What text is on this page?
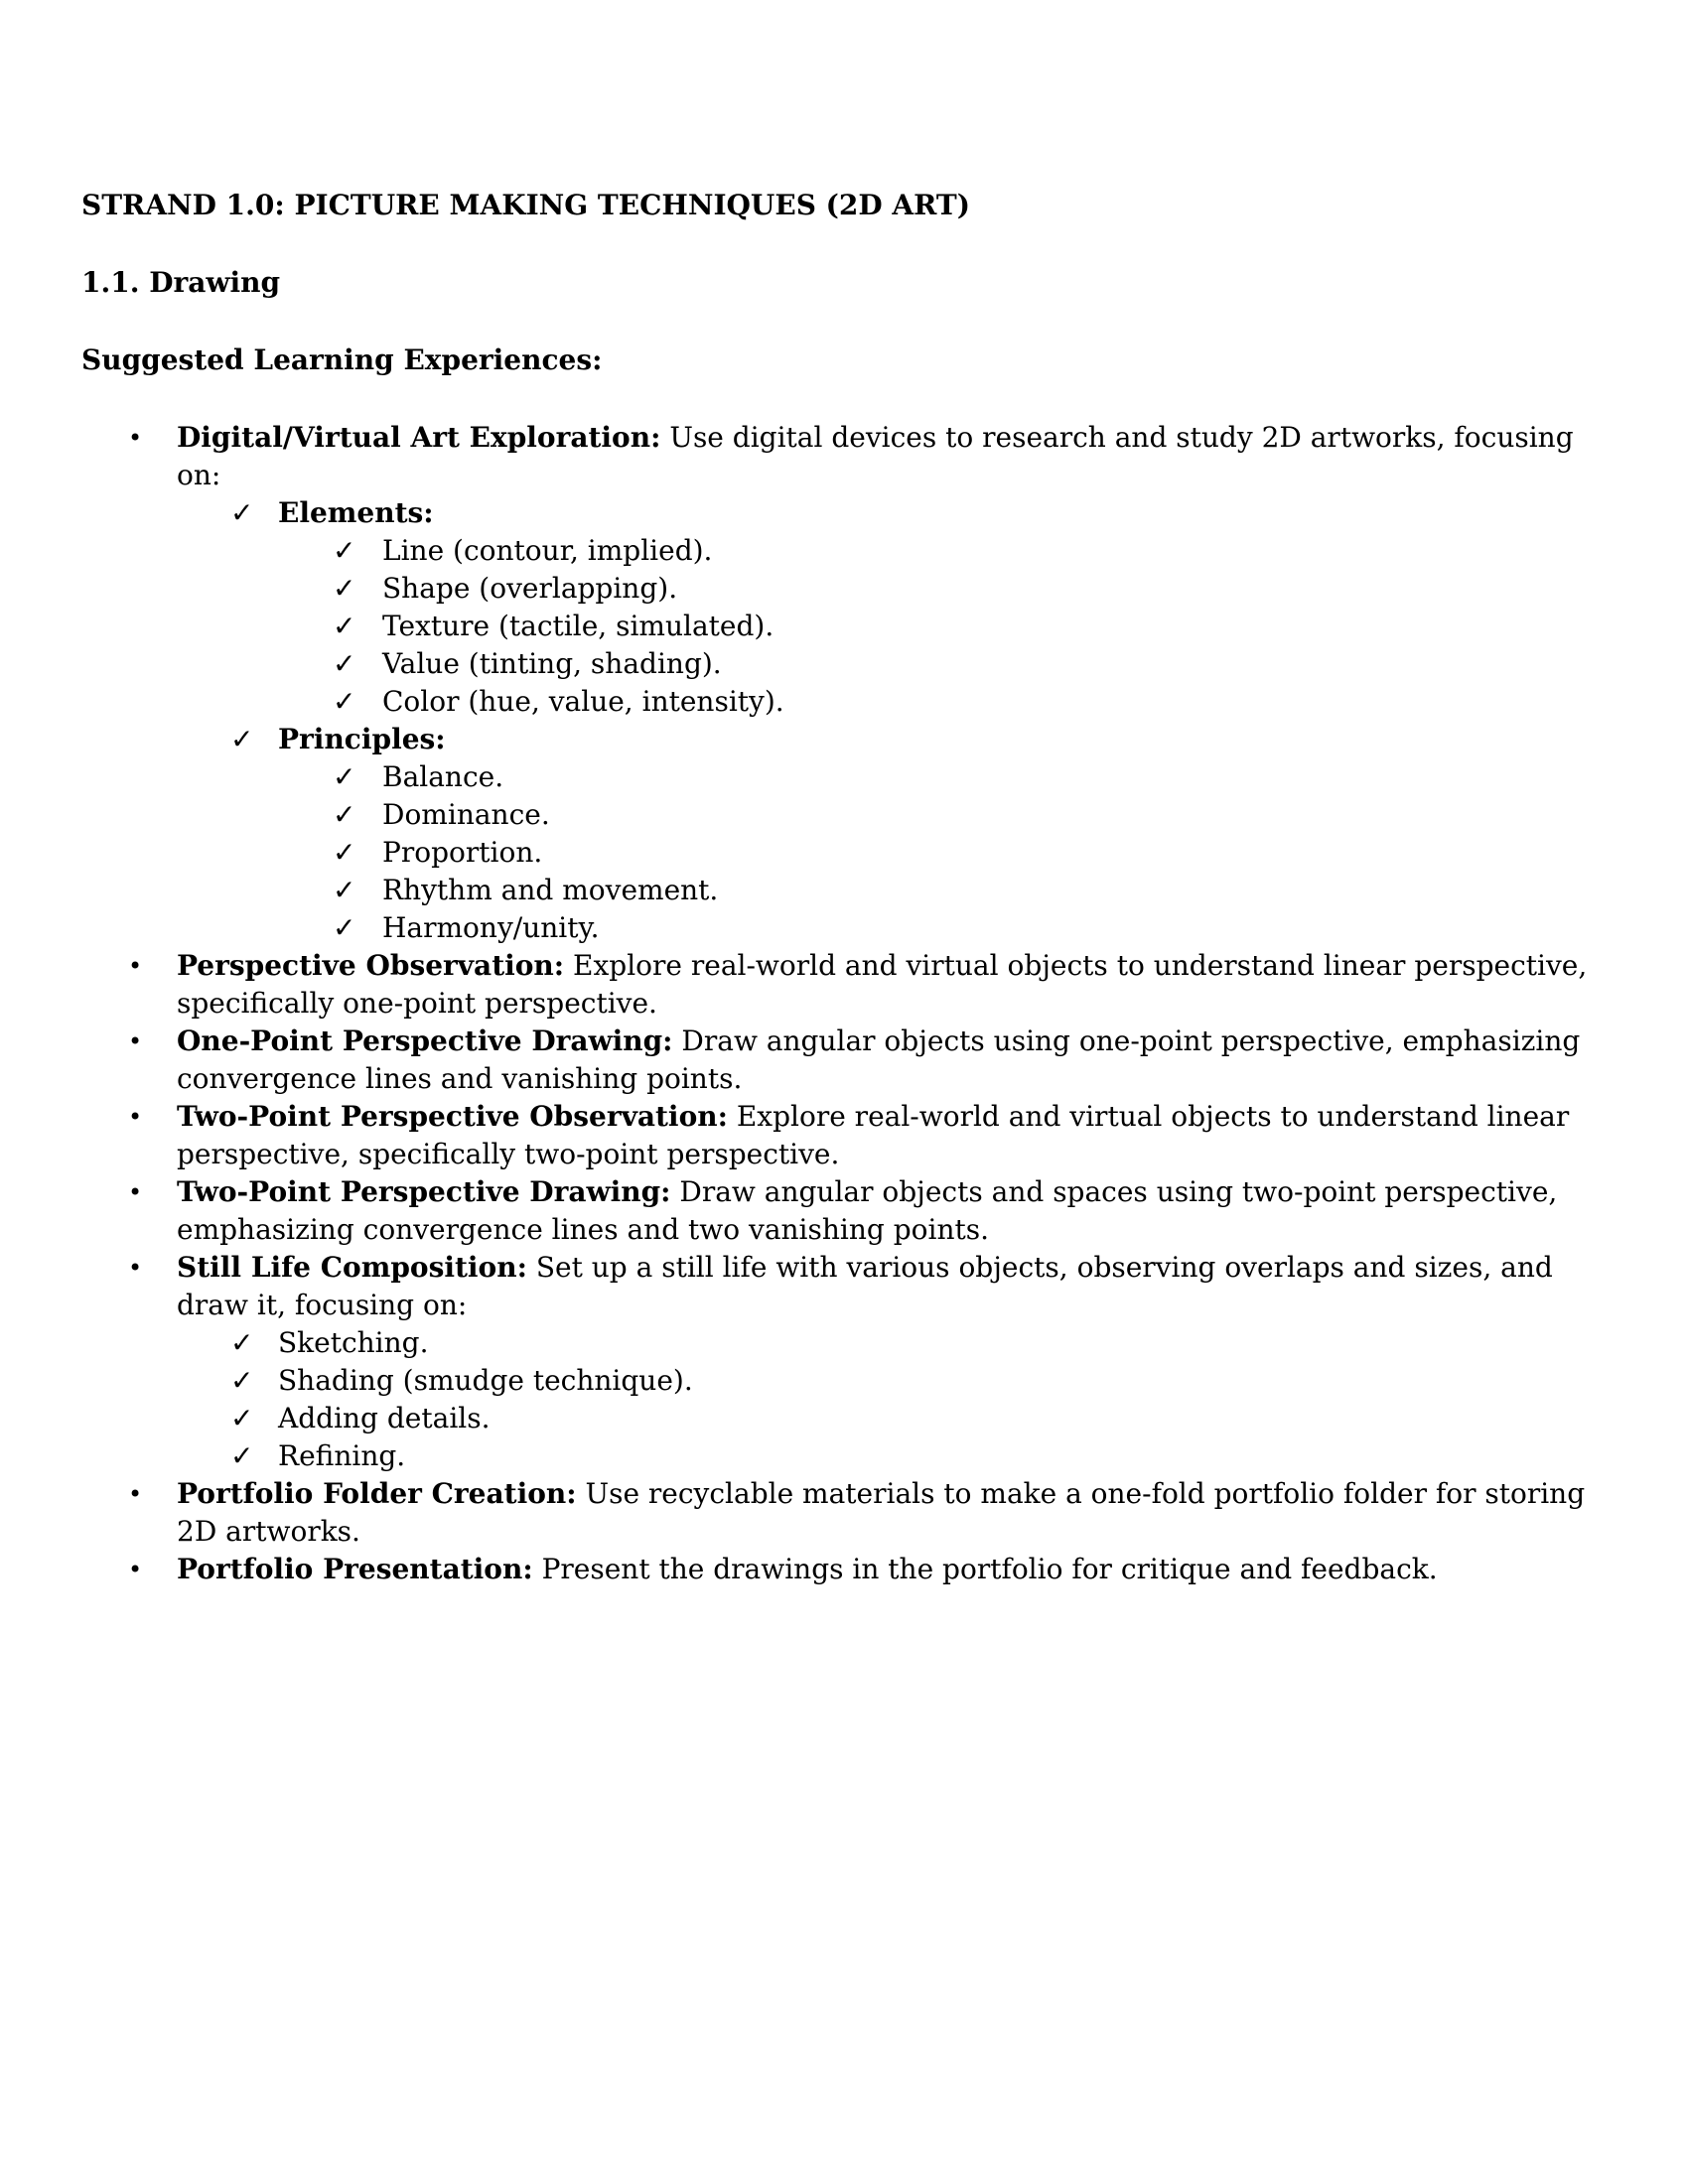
STRAND 1.0: PICTURE MAKING TECHNIQUES (2D ART)
1.1. Drawing
Suggested Learning Experiences:
•	Digital/Virtual Art Exploration: Use digital devices to research and study 2D artworks, focusing on:
✓ Elements:
✓ Line (contour, implied).
✓ Shape (overlapping).
✓ Texture (tactile, simulated).
✓ Value (tinting, shading).
✓ Color (hue, value, intensity).
✓ Principles:
✓ Balance.
✓ Dominance.
✓ Proportion.
✓ Rhythm and movement.
✓ Harmony/unity.
•	Perspective Observation: Explore real-world and virtual objects to understand linear perspective, specifically one-point perspective.
•	One-Point Perspective Drawing: Draw angular objects using one-point perspective, emphasizing convergence lines and vanishing points.
•	Two-Point Perspective Observation: Explore real-world and virtual objects to understand linear perspective, specifically two-point perspective.
•	Two-Point Perspective Drawing: Draw angular objects and spaces using two-point perspective, emphasizing convergence lines and two vanishing points.
•	Still Life Composition: Set up a still life with various objects, observing overlaps and sizes, and draw it, focusing on:
✓ Sketching.
✓ Shading (smudge technique).
✓ Adding details.
✓ Refining.
•	Portfolio Folder Creation: Use recyclable materials to make a one-fold portfolio folder for storing 2D artworks.
•	Portfolio Presentation: Present the drawings in the portfolio for critique and feedback.
